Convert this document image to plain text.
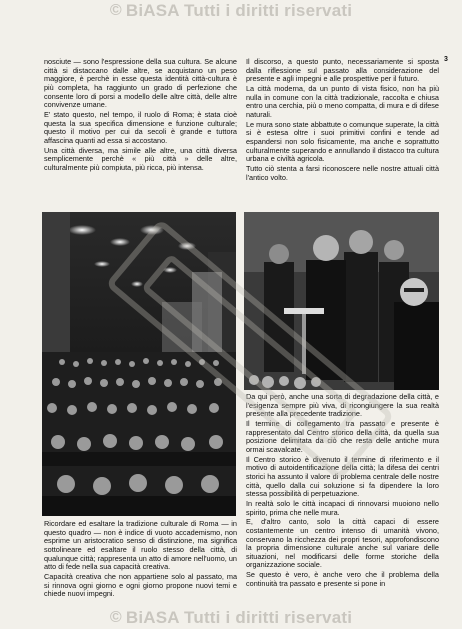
© BiASA Tutti i diritti riservati
3

nosciute — sono l'espressione della sua cultura. Se alcune città si distaccano dalle altre, se acquistano un peso maggiore, è perchè in esse questa identità città-cultura è più completa, ha raggiunto un grado di perfezione che consente loro di porsi a modello delle altre città, delle altre convivenze umane.

E' stato questo, nel tempo, il ruolo di Roma; è stata cioè questa la sua specifica dimensione e funzione culturale; questo il motivo per cui da secoli è grande e tuttora affascina quanti ad essa si accostano.

Una città diversa, ma simile alle altre, una città diversa semplicemente perchè « più città » delle altre, culturalmente più compiuta, più ricca, più intensa.

Il discorso, a questo punto, necessariamente si sposta dalla riflessione sul passato alla considerazione del presente e agli impegni e alle prospettive per il futuro.

La città moderna, da un punto di vista fisico, non ha più nulla in comune con la città tradizionale, raccolta e chiusa entro una cerchia, più o meno compatta, di mura e di difese naturali.

Le mura sono state abbattute o comunque superate, la città si è estesa oltre i suoi primitivi confini e tende ad espandersi non solo fisicamente, ma anche e soprattutto culturalmente superando e annullando il distacco tra cultura urbana e civiltà agricola.

Tutto ciò stenta a farsi riconoscere nelle nostre attuali città l'antico volto.

Da qui però, anche una sorta di degradazione della città, e l'esigenza sempre più viva, di ricongiungere la sua realtà presente alla precedente tradizione.

Il termine di collegamento tra passato e presente è rappresentato dal Centro storico della città, da quella sua posizione delimitata da ciò che resta delle antiche mura ormai scavalcate.

Il Centro storico è divenuto il termine di riferimento e il motivo di autoidentificazione della città; la difesa dei centri storici ha assunto il valore di problema centrale delle nostre città, quello dalla cui soluzione si fa dipendere la loro stessa possibilità di perpetuazione.

In realtà solo le città incapaci di rinnovarsi muoiono nello spirito, prima che nelle mura.

E, d'altro canto, solo la città capaci di essere costantemente un centro intenso di umanità vivono, conservano la ricchezza dei propri tesori, approfondiscono la propria dimensione culturale anche sul variare delle situazioni, nel modificarsi delle forme storiche della organizzazione sociale.

Se questo è vero, è anche vero che il problema della continuità tra passato e presente si pone in

Ricordare ed esaltare la tradizione culturale di Roma — in questo quadro — non è indice di vuoto accademismo, non esprime un aristocratico senso di distinzione, ma significa sottolineare ed esaltare il ruolo stesso della città, di qualunque città; rappresenta un atto di amore nell'uomo, un atto di fede nella sua capacità creativa.

Capacità creativa che non appartiene solo al passato, ma si rinnova ogni giorno e ogni giorno propone nuovi temi e chiede nuovi impegni.

© BiASA Tutti i diritti riservati
